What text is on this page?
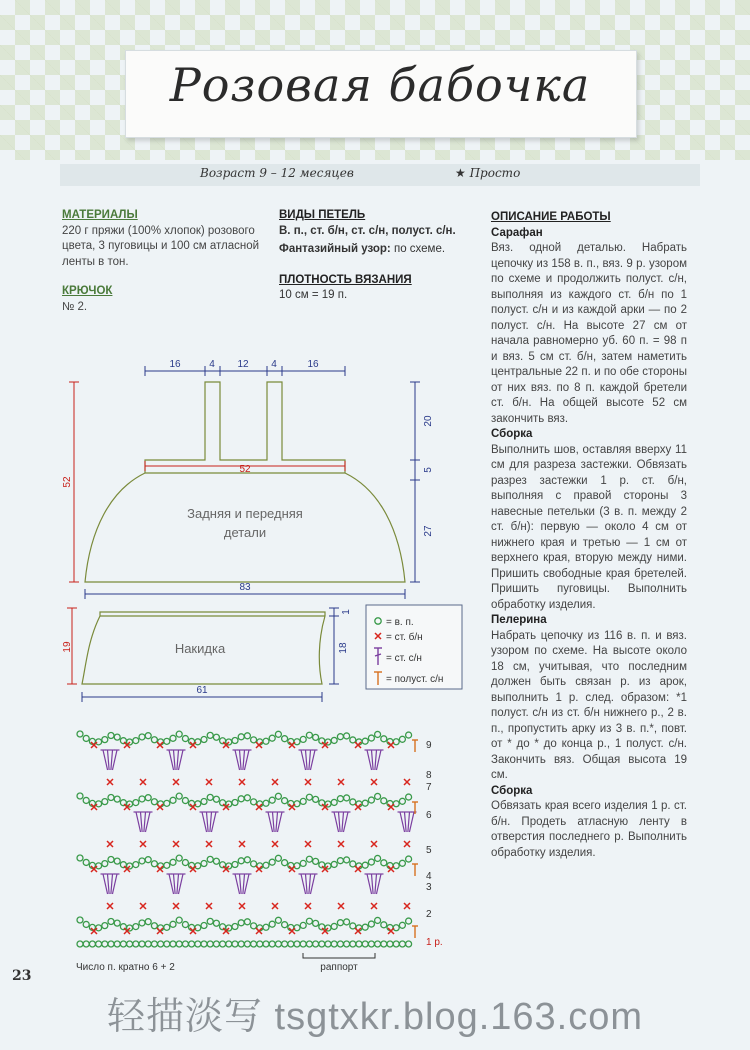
Розовая бабочка
Возраст 9 – 12 месяцев	★ Просто
МАТЕРИАЛЫ
220 г пряжи (100% хлопок) розового цвета, 3 пуговицы и 100 см атласной ленты в тон.
КРЮЧОК
№ 2.
ВИДЫ ПЕТЕЛЬ
В. п., ст. б/н, ст. с/н, полуст. с/н.
Фантазийный узор: по схеме.
ПЛОТНОСТЬ ВЯЗАНИЯ
10 см = 19 п.
ОПИСАНИЕ РАБОТЫ
Сарафан
Вяз. одной деталью. Набрать цепочку из 158 в. п., вяз. 9 р. узором по схеме и продолжить полуст. с/н, выполняя из каждого ст. б/н по 1 полуст. с/н и из каждой арки — по 2 полуст. с/н. На высоте 27 см от начала равномерно уб. 60 п. = 98 п и вяз. 5 см ст. б/н, затем наметить центральные 22 п. и по обе стороны от них вяз. по 8 п. каждой бретели ст. б/н. На общей высоте 52 см закончить вяз.
Сборка
Выполнить шов, оставляя вверху 11 см для разреза застежки. Обвязать разрез застежки 1 р. ст. б/н, выполняя с правой стороны 3 навесные петельки (3 в. п. между 2 ст. б/н): первую — около 4 см от нижнего края и третью — 1 см от верхнего края, вторую между ними. Пришить свободные края бретелей. Пришить пуговицы. Выполнить обработку изделия.
Пелерина
Набрать цепочку из 116 в. п. и вяз. узором по схеме. На высоте около 18 см, учитывая, что последним должен быть связан р. из арок, выполнить 1 р. след. образом: *1 полуст. с/н из ст. б/н нижнего р., 2 в. п., пропустить арку из 3 в. п.*, повт. от * до * до конца р., 1 полуст. с/н. Закончить вяз. Общая высота 19 см.
Сборка
Обвязать края всего изделия 1 р. ст. б/н. Продеть атласную ленту в отверстия последнего р. Выполнить обработку изделия.
Задняя и передняя
детали
16	4 12 4	16
52
20
5
27
52
83
Накидка
19
1
18
61
= в. п.
= ст. б/н
= ст. с/н
= полуст. с/н
9
8
7
6
5
4
3
2
1 р.
Число п. кратно 6 + 2	раппорт
23
轻描淡写 tsgtxkr.blog.163.com
